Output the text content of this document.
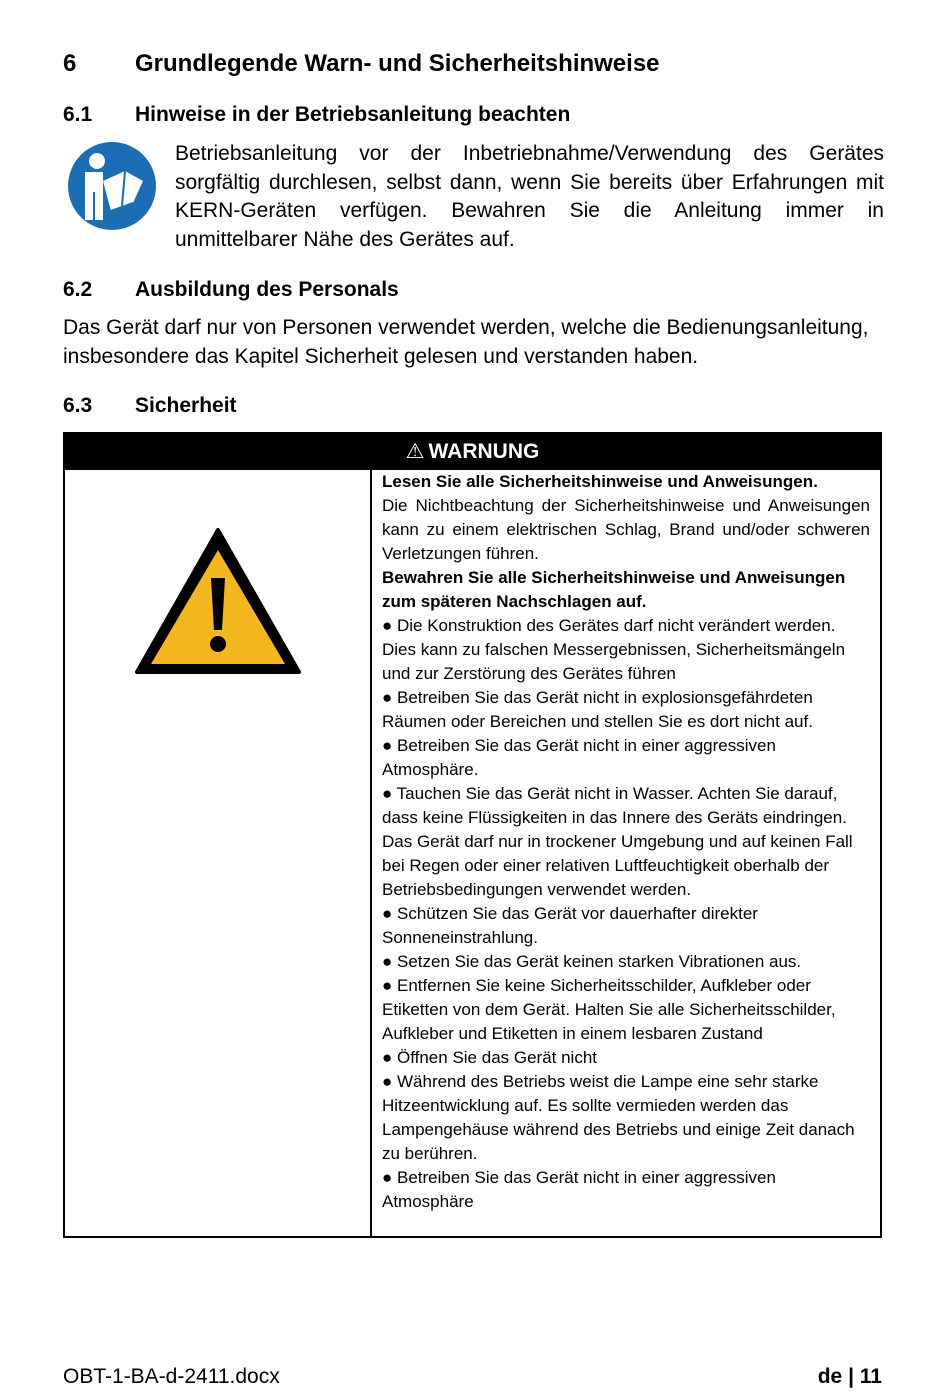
6 Grundlegende Warn- und Sicherheitshinweise
6.1 Hinweise in der Betriebsanleitung beachten
Betriebsanleitung vor der Inbetriebnahme/Verwendung des Gerätes sorgfältig durchlesen, selbst dann, wenn Sie bereits über Erfahrungen mit KERN-Geräten verfügen. Bewahren Sie die Anleitung immer in unmittelbarer Nähe des Gerätes auf.
6.2 Ausbildung des Personals
Das Gerät darf nur von Personen verwendet werden, welche die Bedienungsanleitung, insbesondere das Kapitel Sicherheit gelesen und verstanden haben.
6.3 Sicherheit
⚠ WARNUNG

Lesen Sie alle Sicherheitshinweise und Anweisungen.

Die Nichtbeachtung der Sicherheitshinweise und Anweisungen kann zu einem elektrischen Schlag, Brand und/oder schweren Verletzungen führen.

Bewahren Sie alle Sicherheitshinweise und Anweisungen zum späteren Nachschlagen auf.

● Die Konstruktion des Gerätes darf nicht verändert werden. Dies kann zu falschen Messergebnissen, Sicherheitsmängeln und zur Zerstörung des Gerätes führen

● Betreiben Sie das Gerät nicht in explosionsgefährdeten Räumen oder Bereichen und stellen Sie es dort nicht auf.

● Betreiben Sie das Gerät nicht in einer aggressiven Atmosphäre.

● Tauchen Sie das Gerät nicht in Wasser. Achten Sie darauf, dass keine Flüssigkeiten in das Innere des Geräts eindringen.

Das Gerät darf nur in trockener Umgebung und auf keinen Fall bei Regen oder einer relativen Luftfeuchtigkeit oberhalb der Betriebsbedingungen verwendet werden.

● Schützen Sie das Gerät vor dauerhafter direkter Sonneneinstrahlung.

● Setzen Sie das Gerät keinen starken Vibrationen aus.

● Entfernen Sie keine Sicherheitsschilder, Aufkleber oder Etiketten von dem Gerät. Halten Sie alle Sicherheitsschilder, Aufkleber und Etiketten in einem lesbaren Zustand

● Öffnen Sie das Gerät nicht

● Während des Betriebs weist die Lampe eine sehr starke Hitzeentwicklung auf. Es sollte vermieden werden das Lampengehäuse während des Betriebs und einige Zeit danach zu berühren.

● Betreiben Sie das Gerät nicht in einer aggressiven Atmosphäre

OBT-1-BA-d-2411.docx	de | 11
